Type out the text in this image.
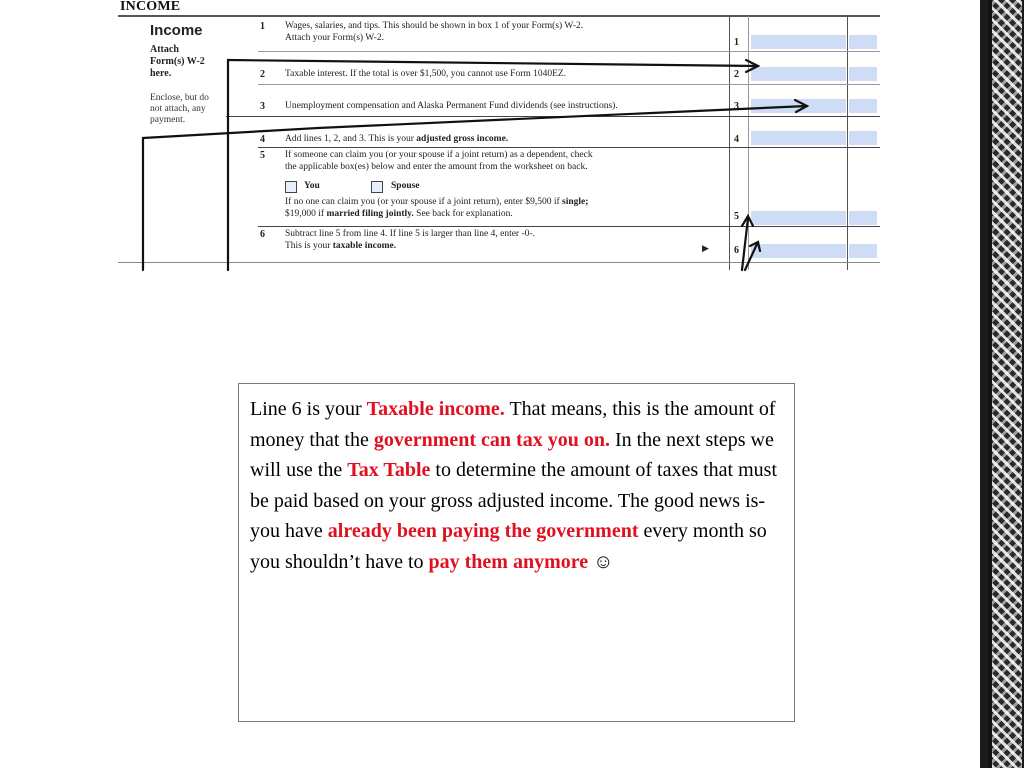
INCOME
Income
Attach
Form(s) W-2
here.
Enclose, but do
not attach, any
payment.
1 Wages, salaries, and tips. This should be shown in box 1 of your Form(s) W-2.
Attach your Form(s) W-2.	1
2 Taxable interest. If the total is over $1,500, you cannot use Form 1040EZ.	2
3 Unemployment compensation and Alaska Permanent Fund dividends (see instructions).	3
4 Add lines 1, 2, and 3. This is your adjusted gross income.	4
5 If someone can claim you (or your spouse if a joint return) as a dependent, check
the applicable box(es) below and enter the amount from the worksheet on back.
You	Spouse
If no one can claim you (or your spouse if a joint return), enter $9,500 if single;
$19,000 if married filing jointly. See back for explanation.	5
6 Subtract line 5 from line 4. If line 5 is larger than line 4, enter -0-.
This is your taxable income.	▶	6
Line 6 is your Taxable income. That means, this is the amount of money that the government can tax you on. In the next steps we will use the Tax Table to determine the amount of taxes that must be paid based on your gross adjusted income. The good news is- you have already been paying the government every month so you shouldn’t have to pay them anymore ☺
